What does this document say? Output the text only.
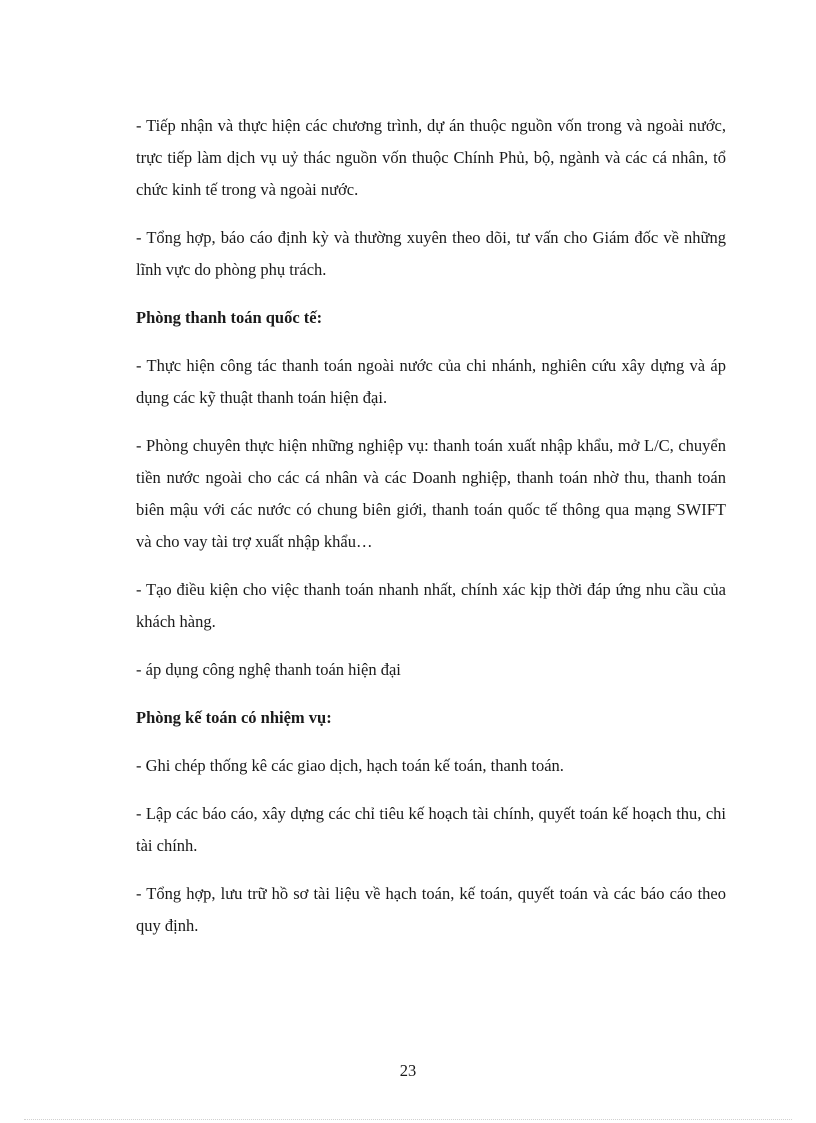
- Tiếp nhận và thực hiện các chương trình, dự án thuộc nguồn vốn trong và ngoài nước, trực tiếp làm dịch vụ uỷ thác nguồn vốn thuộc Chính Phủ, bộ, ngành và các cá nhân, tổ chức kinh tế trong và ngoài nước.

- Tổng hợp, báo cáo định kỳ và thường xuyên theo dõi, tư vấn cho Giám đốc về những lĩnh vực do phòng phụ trách.

Phòng thanh toán quốc tế:

- Thực hiện công tác thanh toán ngoài nước của chi nhánh, nghiên cứu xây dựng và áp dụng các kỹ thuật thanh toán hiện đại.

- Phòng chuyên thực hiện những nghiệp vụ: thanh toán xuất nhập khẩu, mở L/C, chuyển tiền nước ngoài cho các cá nhân và các Doanh nghiệp, thanh toán nhờ thu, thanh toán biên mậu với các nước có chung biên giới, thanh toán quốc tế thông qua mạng SWIFT và cho vay tài trợ xuất nhập khẩu…

- Tạo điều kiện cho việc thanh toán nhanh nhất, chính xác kịp thời đáp ứng nhu cầu của khách hàng.

- áp dụng công nghệ thanh toán hiện đại

Phòng kế toán có nhiệm vụ:

- Ghi chép thống kê các giao dịch, hạch toán kế toán, thanh toán.

- Lập các báo cáo, xây dựng các chỉ tiêu kế hoạch tài chính, quyết toán kế hoạch thu, chi tài chính.

- Tổng hợp, lưu trữ hồ sơ tài liệu về hạch toán, kế toán, quyết toán và các báo cáo theo quy định.

23
